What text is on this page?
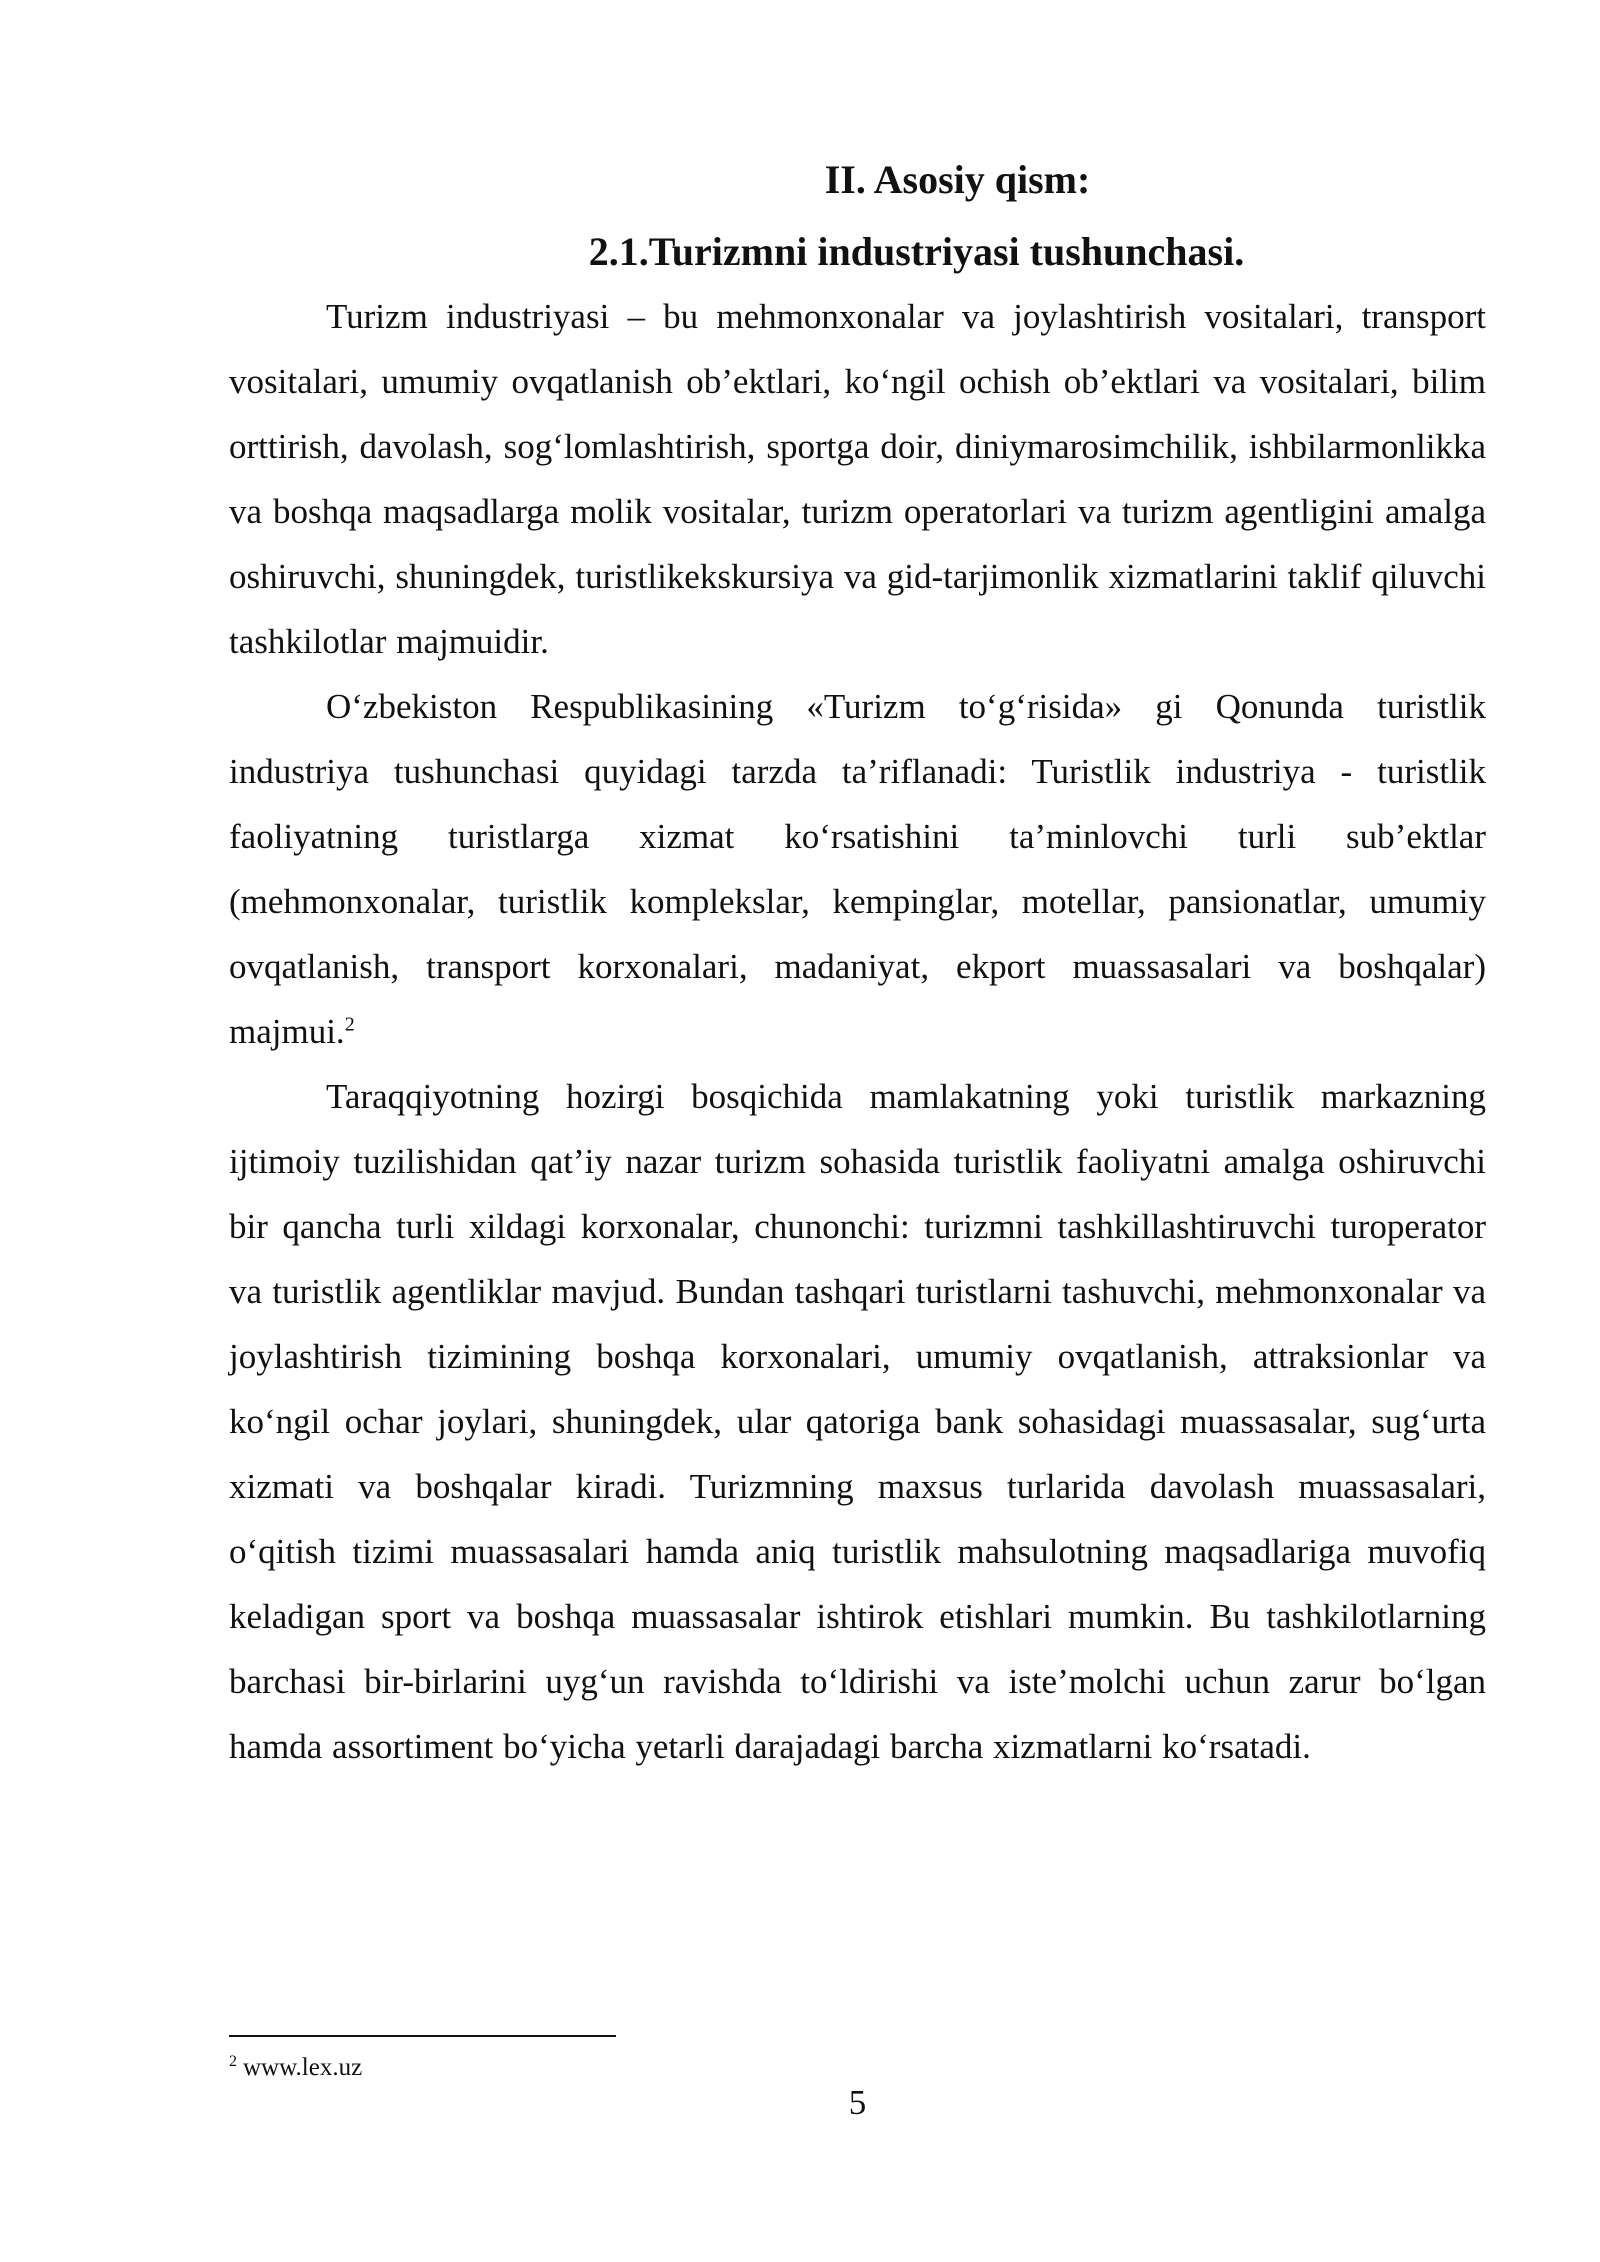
II. Asosiy qism:
2.1.Turizmni industriyasi tushunchasi.

Turizm industriyasi – bu mehmonxonalar va joylashtirish vositalari, transport vositalari, umumiy ovqatlanish ob’ektlari, ko‘ngil ochish ob’ektlari va vositalari, bilim orttirish, davolash, sog‘lomlashtirish, sportga doir, diniymarosimchilik, ishbilarmonlikka va boshqa maqsadlarga molik vositalar, turizm operatorlari va turizm agentligini amalga oshiruvchi, shuningdek, turistlikekskursiya va gid-tarjimonlik xizmatlarini taklif qiluvchi tashkilotlar majmuidir.

O‘zbekiston Respublikasining «Turizm to‘g‘risida» gi Qonunda turistlik industriya tushunchasi quyidagi tarzda ta’riflanadi: Turistlik industriya - turistlik faoliyatning turistlarga xizmat ko‘rsatishini ta’minlovchi turli sub’ektlar (mehmonxonalar, turistlik komplekslar, kempinglar, motellar, pansionatlar, umumiy ovqatlanish, transport korxonalari, madaniyat, ekport muassasalari va boshqalar) majmui.$^2$

Taraqqiyotning hozirgi bosqichida mamlakatning yoki turistlik markazning ijtimoiy tuzilishidan qat’iy nazar turizm sohasida turistlik faoliyatni amalga oshiruvchi bir qancha turli xildagi korxonalar, chunonchi: turizmni tashkillashtiruvchi turoperator va turistlik agentliklar mavjud. Bundan tashqari turistlarni tashuvchi, mehmonxonalar va joylashtirish tizimining boshqa korxonalari, umumiy ovqatlanish, attraksionlar va ko‘ngil ochar joylari, shuningdek, ular qatoriga bank sohasidagi muassasalar, sug‘urta xizmati va boshqalar kiradi. Turizmning maxsus turlarida davolash muassasalari, o‘qitish tizimi muassasalari hamda aniq turistlik mahsulotning maqsadlariga muvofiq keladigan sport va boshqa muassasalar ishtirok etishlari mumkin. Bu tashkilotlarning barchasi bir-birlarini uyg‘un ravishda to‘ldirishi va iste’molchi uchun zarur bo‘lgan hamda assortiment bo‘yicha yetarli darajadagi barcha xizmatlarni ko‘rsatadi.

$^2$ www.lex.uz
5
